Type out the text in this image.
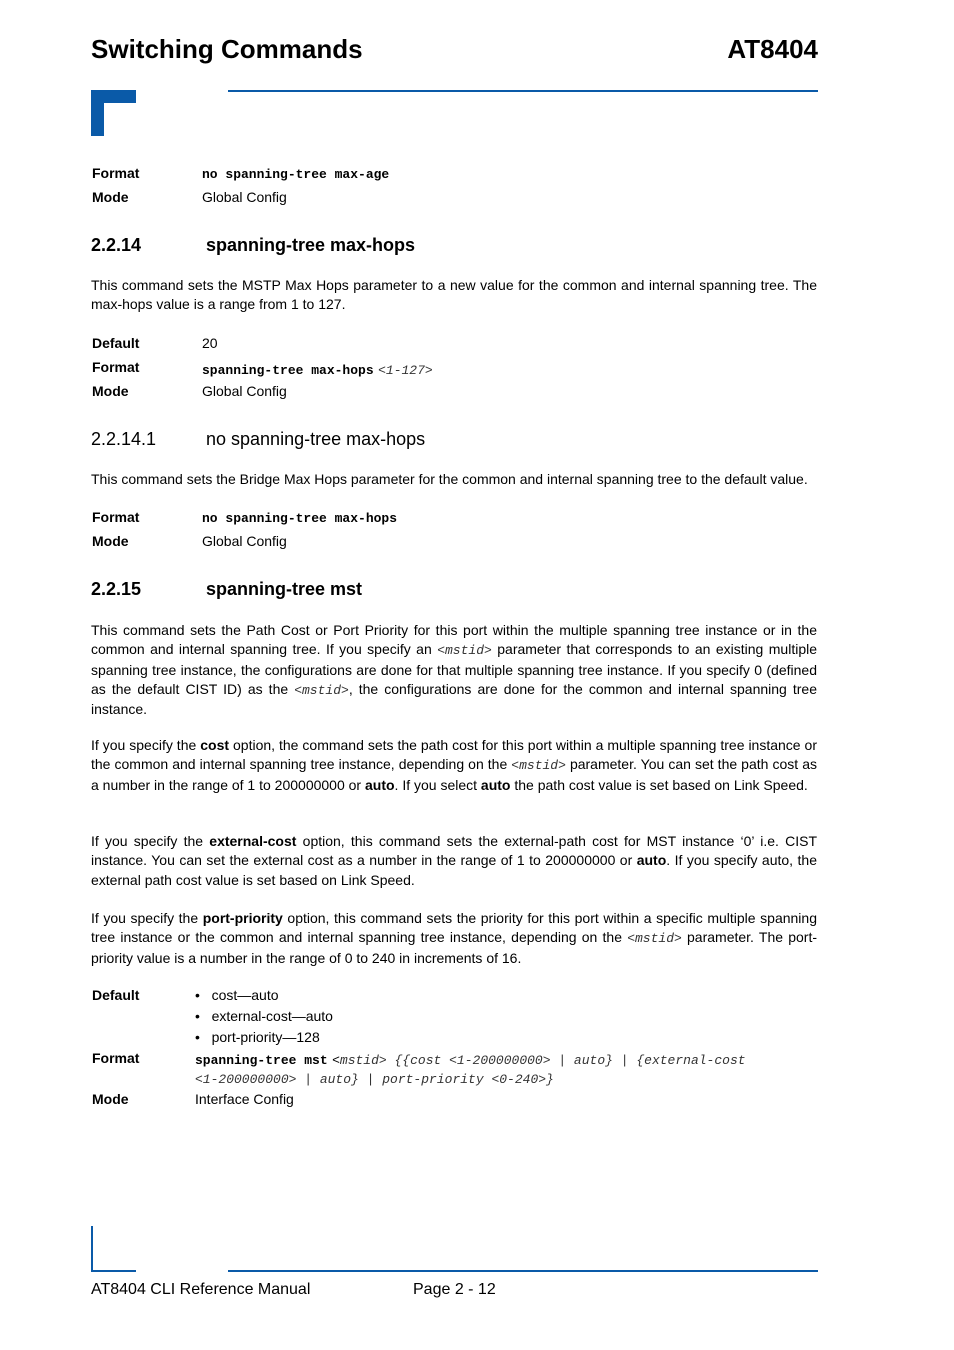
Switching Commands	AT8404
Format	no spanning-tree max-age
Mode	Global Config
2.2.14	spanning-tree max-hops
This command sets the MSTP Max Hops parameter to a new value for the common and internal spanning tree. The max-hops value is a range from 1 to 127.
Default	20
Format	spanning-tree max-hops <1-127>
Mode	Global Config
2.2.14.1	no spanning-tree max-hops
This command sets the Bridge Max Hops parameter for the common and internal spanning tree to the default value.
Format	no spanning-tree max-hops
Mode	Global Config
2.2.15	spanning-tree mst
This command sets the Path Cost or Port Priority for this port within the multiple spanning tree instance or in the common and internal spanning tree. If you specify an <mstid> parameter that corresponds to an existing multiple spanning tree instance, the configurations are done for that multiple spanning tree instance. If you specify 0 (defined as the default CIST ID) as the <mstid>, the configurations are done for the common and internal spanning tree instance.
If you specify the cost option, the command sets the path cost for this port within a multiple spanning tree instance or the common and internal spanning tree instance, depending on the <mstid> parameter. You can set the path cost as a number in the range of 1 to 200000000 or auto. If you select auto the path cost value is set based on Link Speed.
If you specify the external-cost option, this command sets the external-path cost for MST instance ‘0’ i.e. CIST instance. You can set the external cost as a number in the range of 1 to 200000000 or auto. If you specify auto, the external path cost value is set based on Link Speed.
If you specify the port-priority option, this command sets the priority for this port within a specific multiple spanning tree instance or the common and internal spanning tree instance, depending on the <mstid> parameter. The port-priority value is a number in the range of 0 to 240 in increments of 16.
Default	•   cost—auto
•   external-cost—auto
•   port-priority—128
Format	spanning-tree mst <mstid> {{cost <1-200000000> | auto} | {external-cost
<1-200000000> | auto} | port-priority <0-240>}
Mode	Interface Config
AT8404 CLI Reference Manual	Page 2 - 12
